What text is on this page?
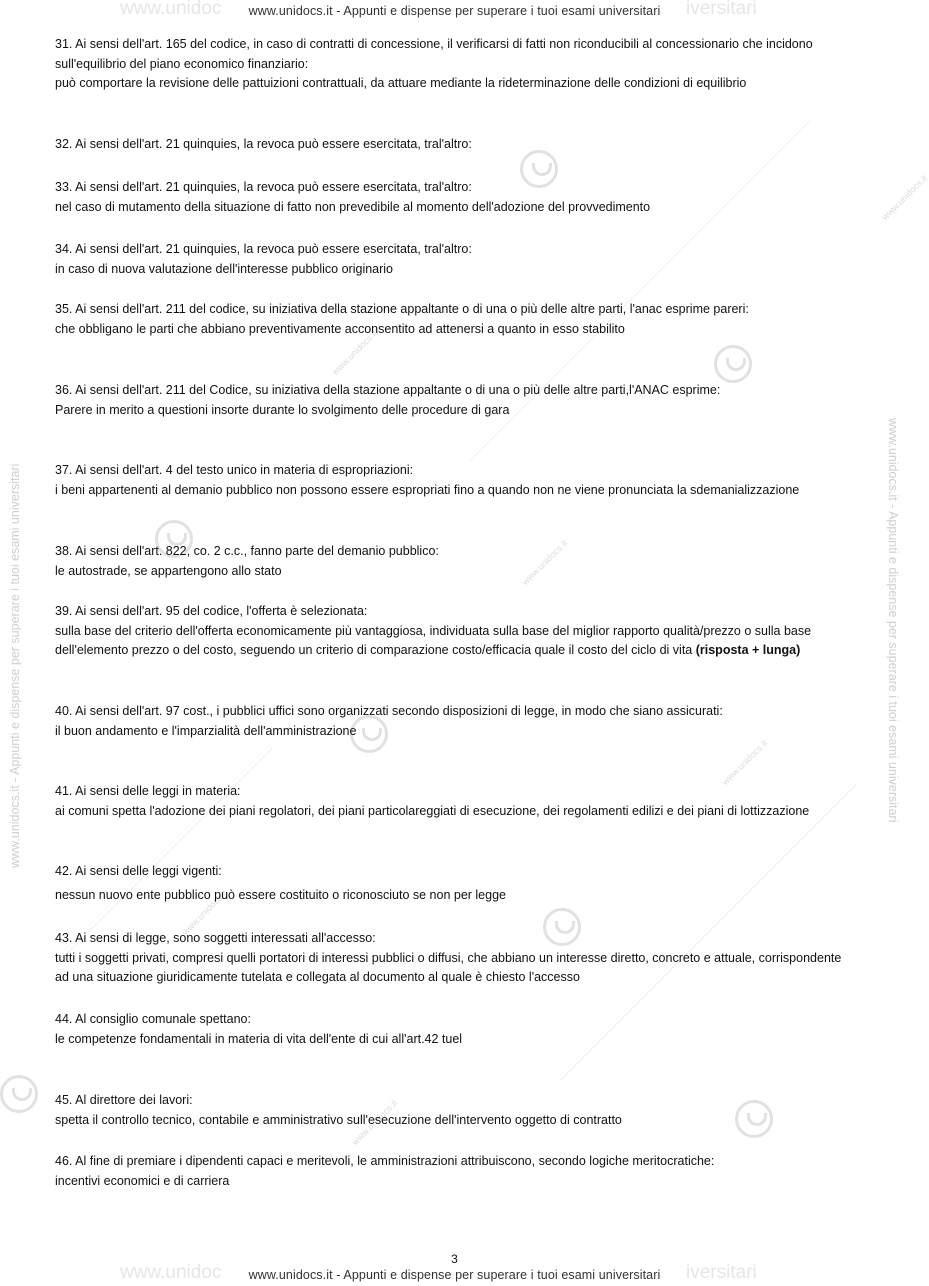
www.unidoc	iversitari
www.unidoc	iversitari
www.unidocs.it - Appunti e dispense per superare i tuoi esami universitari	www.unidocs.it - Appunti e dispense per superare i tuoi esami universitari
www.unidocs.it
www.unidocs.it
www.unidocs.it
www.unidocs.it
www.unidocs.it
www.unidocs.it
www.unidocs.it - Appunti e dispense per superare i tuoi esami universitari
www.unidocs.it - Appunti e dispense per superare i tuoi esami universitari

31. Ai sensi dell'art. 165 del codice, in caso di contratti di concessione, il verificarsi di fatti non riconducibili al concessionario che incidono sull'equilibrio del piano economico finanziario:

può comportare la revisione delle pattuizioni contrattuali, da attuare mediante la rideterminazione delle condizioni di equilibrio

32. Ai sensi dell'art. 21 quinquies, la revoca può essere esercitata, tral'altro:

33. Ai sensi dell'art. 21 quinquies, la revoca può essere esercitata, tral'altro:

nel caso di mutamento della situazione di fatto non prevedibile al momento dell'adozione del provvedimento

34. Ai sensi dell'art. 21 quinquies, la revoca può essere esercitata, tral'altro:

in caso di nuova valutazione dell'interesse pubblico originario

35. Ai sensi dell'art. 211 del codice, su iniziativa della stazione appaltante o di una o più delle altre parti, l'anac esprime pareri:

che obbligano le parti che abbiano preventivamente acconsentito ad attenersi a quanto in esso stabilito

36. Ai sensi dell'art. 211 del Codice, su iniziativa della stazione appaltante o di una o più delle altre parti,l'ANAC esprime:

Parere in merito a questioni insorte durante lo svolgimento delle procedure di gara

37. Ai sensi dell'art. 4 del testo unico in materia di espropriazioni:

i beni appartenenti al demanio pubblico non possono essere espropriati fino a quando non ne viene pronunciata la sdemanializzazione

38. Ai sensi dell'art. 822, co. 2 c.c., fanno parte del demanio pubblico:

le autostrade, se appartengono allo stato

39. Ai sensi dell'art. 95 del codice, l'offerta è selezionata:

sulla base del criterio dell'offerta economicamente più vantaggiosa, individuata sulla base del miglior rapporto qualità/prezzo o sulla base dell'elemento prezzo o del costo, seguendo un criterio di comparazione costo/efficacia quale il costo del ciclo di vita (risposta + lunga)

40. Ai sensi dell'art. 97 cost., i pubblici uffici sono organizzati secondo disposizioni di legge, in modo che siano assicurati:

il buon andamento e l'imparzialità dell'amministrazione

41. Ai sensi delle leggi in materia:

ai comuni spetta l'adozione dei piani regolatori, dei piani particolareggiati di esecuzione, dei regolamenti edilizi e dei piani di lottizzazione

42. Ai sensi delle leggi vigenti:

nessun nuovo ente pubblico può essere costituito o riconosciuto se non per legge

43. Ai sensi di legge, sono soggetti interessati all'accesso:

tutti i soggetti privati, compresi quelli portatori di interessi pubblici o diffusi, che abbiano un interesse diretto, concreto e attuale, corrispondente ad una situazione giuridicamente tutelata e collegata al documento al quale è chiesto l'accesso

44. Al consiglio comunale spettano:

le competenze fondamentali in materia di vita dell'ente di cui all'art.42 tuel

45. Al direttore dei lavori:

spetta il controllo tecnico, contabile e amministrativo sull'esecuzione dell'intervento oggetto di contratto

46. Al fine di premiare i dipendenti capaci e meritevoli, le amministrazioni attribuiscono, secondo logiche meritocratiche:

incentivi economici e di carriera

3
